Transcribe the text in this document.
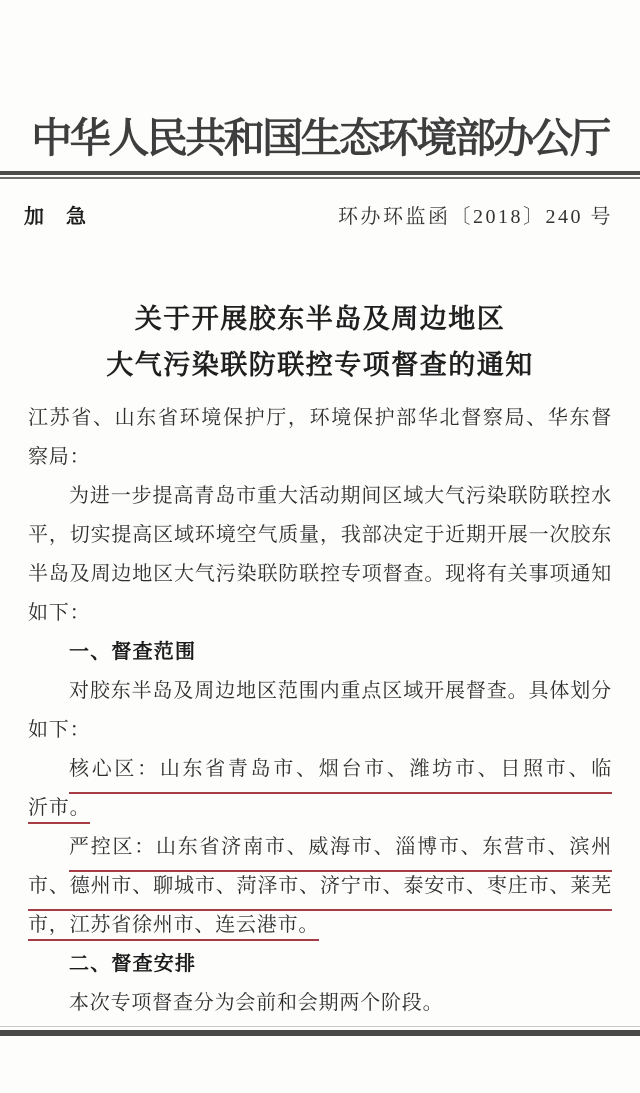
中华人民共和国生态环境部办公厅
加　急	环办环监函〔2018〕240 号
关于开展胶东半岛及周边地区
大气污染联防联控专项督查的通知
江苏省、山东省环境保护厅，环境保护部华北督察局、华东督
察局：
为进一步提高青岛市重大活动期间区域大气污染联防联控水
平，切实提高区域环境空气质量，我部决定于近期开展一次胶东
半岛及周边地区大气污染联防联控专项督查。现将有关事项通知
如下：
一、督查范围
对胶东半岛及周边地区范围内重点区域开展督查。具体划分
如下：
核心区：山东省青岛市、烟台市、潍坊市、日照市、临
沂市。
严控区：山东省济南市、威海市、淄博市、东营市、滨州
市、德州市、聊城市、菏泽市、济宁市、泰安市、枣庄市、莱芜
市，江苏省徐州市、连云港市。
二、督查安排
本次专项督查分为会前和会期两个阶段。
